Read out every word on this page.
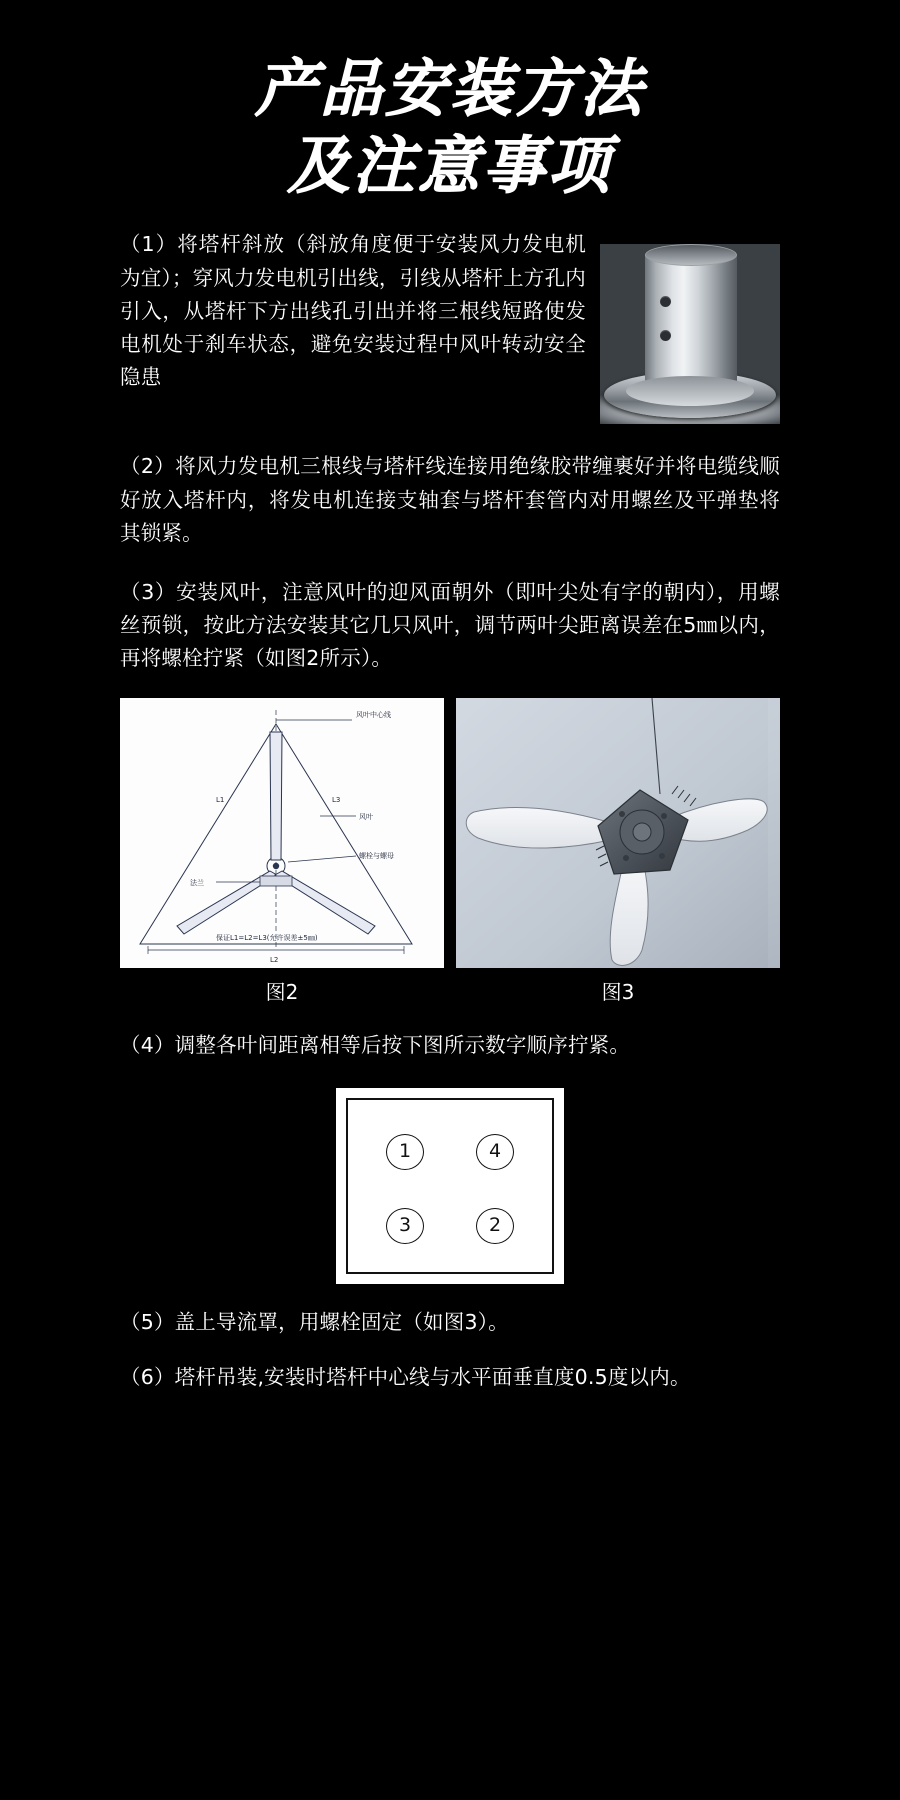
产品安装方法
及注意事项

（1）将塔杆斜放（斜放角度便于安装风力发电机为宜）；穿风力发电机引出线，引线从塔杆上方孔内引入，从塔杆下方出线孔引出并将三根线短路使发电机处于刹车状态，避免安装过程中风叶转动安全隐患

（2）将风力发电机三根线与塔杆线连接用绝缘胶带缠裹好并将电缆线顺好放入塔杆内，将发电机连接支轴套与塔杆套管内对用螺丝及平弹垫将其锁紧。

（3）安装风叶，注意风叶的迎风面朝外（即叶尖处有字的朝内），用螺丝预锁，按此方法安装其它几只风叶，调节两叶尖距离误差在5㎜以内，再将螺栓拧紧（如图2所示）。

风叶中心线
风叶
螺栓与螺母
法兰
保证L1=L2=L3(允许误差±5㎜)
L1	L3
L2
图2	图3

（4）调整各叶间距离相等后按下图所示数字顺序拧紧。

1	4
3	2

（5）盖上导流罩，用螺栓固定（如图3）。

（6）塔杆吊装,安装时塔杆中心线与水平面垂直度0.5度以内。
